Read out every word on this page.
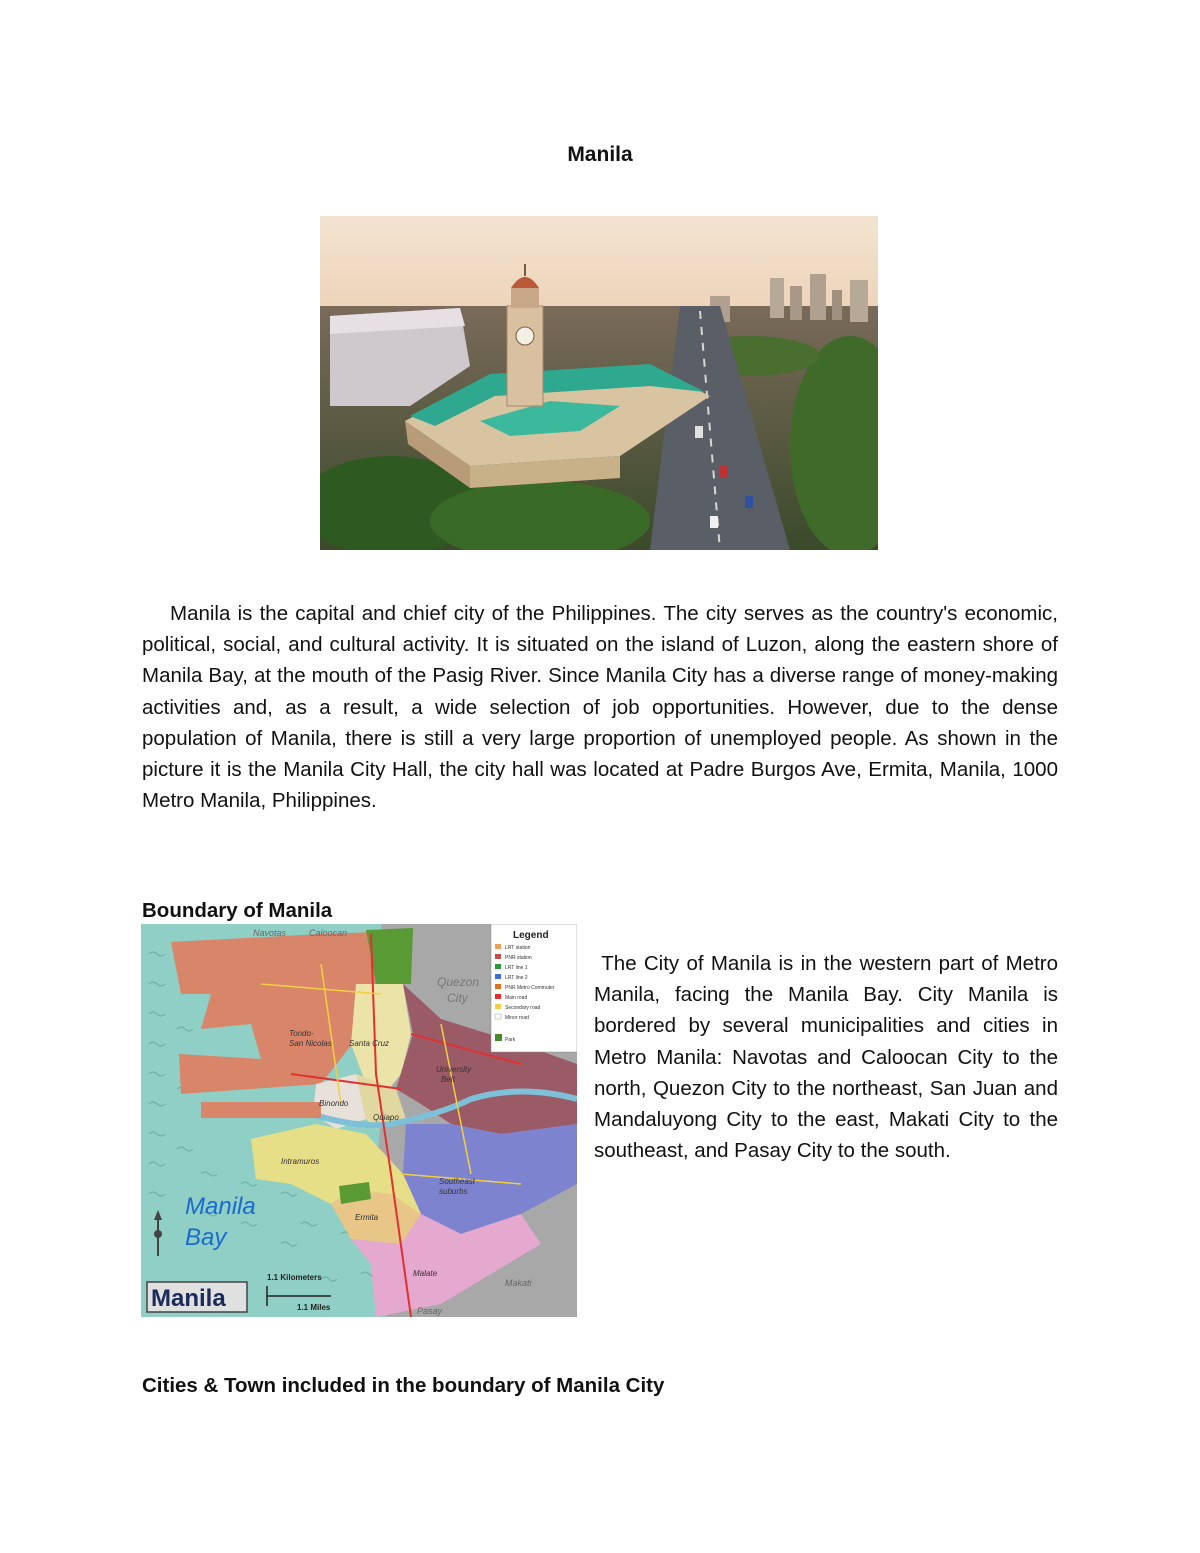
Manila
Manila is the capital and chief city of the Philippines. The city serves as the country's economic, political, social, and cultural activity. It is situated on the island of Luzon, along the eastern shore of Manila Bay, at the mouth of the Pasig River. Since Manila City has a diverse range of money-making activities and, as a result, a wide selection of job opportunities. However, due to the dense population of Manila, there is still a very large proportion of unemployed people. As shown in the picture it is the Manila City Hall, the city hall was located at Padre Burgos Ave, Ermita, Manila, 1000 Metro Manila, Philippines.
Boundary of Manila
Legend
LRT station
PNR station
LRT line 1
LRT line 2
PNR Metro Commuter
Main road
Secondary road
Minor road
Park
Navotas	Caloocan
Quezon
City
Tondo-
San Nicolas Santa Cruz
University
Belt
Binondo
Quiapo
Intramuros
Southeast
suburbs
Ermita
Malate
Makati
Pasay
Manila
Bay
Manila
1.1 Kilometers
1.1 Miles
The City of Manila is in the western part of Metro Manila, facing the Manila Bay. City Manila is bordered by several municipalities and cities in Metro Manila: Navotas and Caloocan City to the north, Quezon City to the northeast, San Juan and Mandaluyong City to the east, Makati City to the southeast, and Pasay City to the south.
Cities & Town included in the boundary of Manila City
